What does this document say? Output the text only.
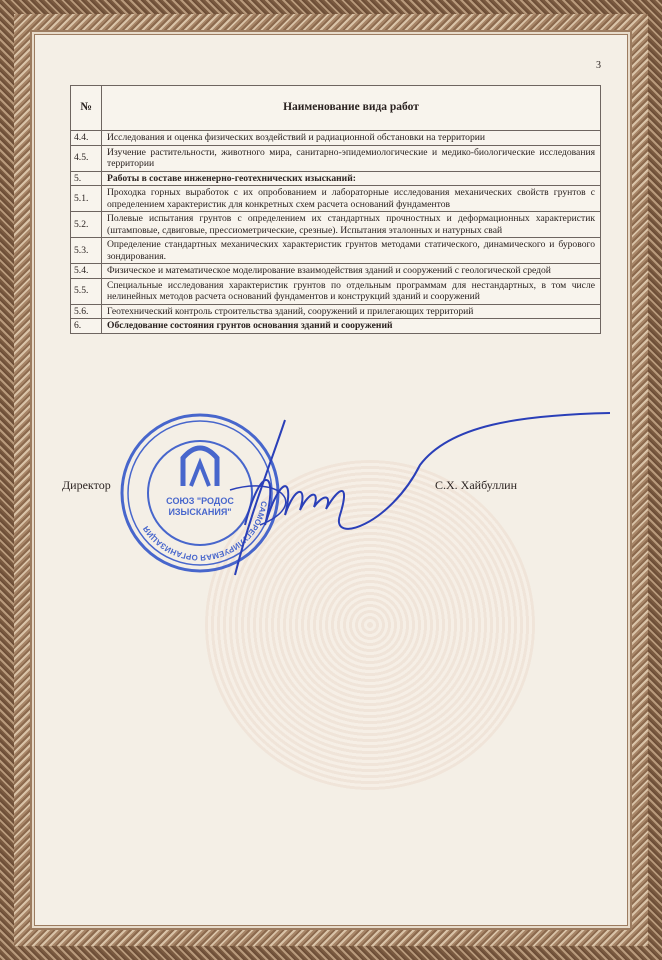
3
№	Наименование вида работ
4.4.	Исследования и оценка физических воздействий и радиационной обстановки на территории
4.5.	Изучение растительности, животного мира, санитарно-эпидемиологические и медико-биологические исследования территории
5.	Работы в составе инженерно-геотехнических изысканий:
5.1.	Проходка горных выработок с их опробованием и лабораторные исследования механических свойств грунтов с определением характеристик для конкретных схем расчета оснований фундаментов
5.2.	Полевые испытания грунтов с определением их стандартных прочностных и деформационных характеристик (штамповые, сдвиговые, прессиометрические, срезные). Испытания эталонных и натурных свай
5.3.	Определение стандартных механических характеристик грунтов методами статического, динамического и бурового зондирования.
5.4.	Физическое и математическое моделирование взаимодействия зданий и сооружений с геологической средой
5.5.	Специальные исследования характеристик грунтов по отдельным программам для нестандартных, в том числе нелинейных методов расчета оснований фундаментов и конструкций зданий и сооружений
5.6.	Геотехнический контроль строительства зданий, сооружений и прилегающих территорий
6.	Обследование состояния грунтов основания зданий и сооружений
Директор	С.Х. Хайбуллин
САМОРЕГУЛИРУЕМАЯ ОРГАНИЗАЦИЯ
СОЮЗ "РОДОС
ИЗЫСКАНИЯ"
